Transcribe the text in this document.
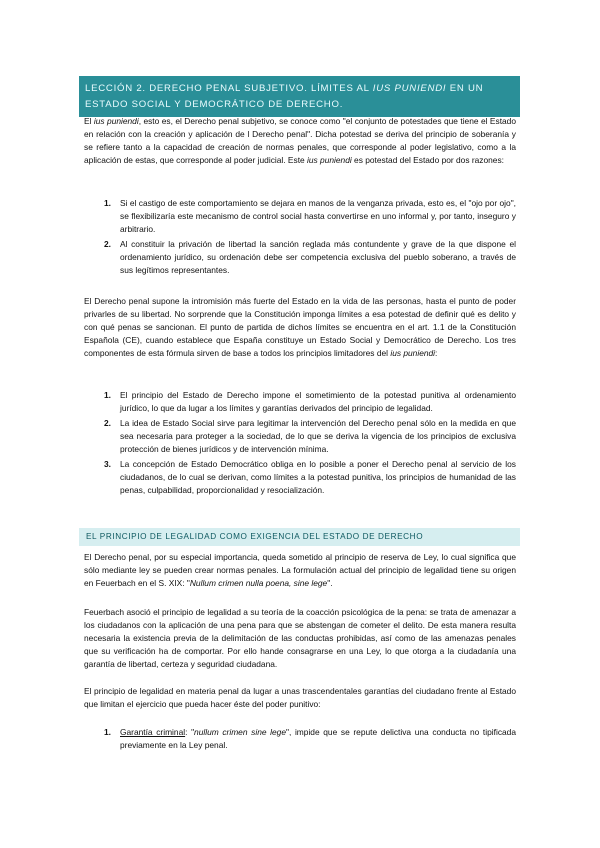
LECCIÓN 2. DERECHO PENAL SUBJETIVO. LÍMITES AL IUS PUNIENDI EN UN ESTADO SOCIAL Y DEMOCRÁTICO DE DERECHO.

El ius puniendi, esto es, el Derecho penal subjetivo, se conoce como "el conjunto de potestades que tiene el Estado en relación con la creación y aplicación de l Derecho penal". Dicha potestad se deriva del principio de soberanía y se refiere tanto a la capacidad de creación de normas penales, que corresponde al poder legislativo, como a la aplicación de estas, que corresponde al poder judicial. Este ius puniendi es potestad del Estado por dos razones:

1. Si el castigo de este comportamiento se dejara en manos de la venganza privada, esto es, el "ojo por ojo", se flexibilizaría este mecanismo de control social hasta convertirse en uno informal y, por tanto, inseguro y arbitrario.
2. Al constituir la privación de libertad la sanción reglada más contundente y grave de la que dispone el ordenamiento jurídico, su ordenación debe ser competencia exclusiva del pueblo soberano, a través de sus legítimos representantes.

El Derecho penal supone la intromisión más fuerte del Estado en la vida de las personas, hasta el punto de poder privarles de su libertad. No sorprende que la Constitución imponga límites a esa potestad de definir qué es delito y con qué penas se sancionan. El punto de partida de dichos límites se encuentra en el art. 1.1 de la Constitución Española (CE), cuando establece que España constituye un Estado Social y Democrático de Derecho. Los tres componentes de esta fórmula sirven de base a todos los principios limitadores del ius puniendi:

1. El principio del Estado de Derecho impone el sometimiento de la potestad punitiva al ordenamiento jurídico, lo que da lugar a los límites y garantías derivados del principio de legalidad.
2. La idea de Estado Social sirve para legitimar la intervención del Derecho penal sólo en la medida en que sea necesaria para proteger a la sociedad, de lo que se deriva la vigencia de los principios de exclusiva protección de bienes jurídicos y de intervención mínima.
3. La concepción de Estado Democrático obliga en lo posible a poner el Derecho penal al servicio de los ciudadanos, de lo cual se derivan, como límites a la potestad punitiva, los principios de humanidad de las penas, culpabilidad, proporcionalidad y resocialización.
EL PRINCIPIO DE LEGALIDAD COMO EXIGENCIA DEL ESTADO DE DERECHO

El Derecho penal, por su especial importancia, queda sometido al principio de reserva de Ley, lo cual significa que sólo mediante ley se pueden crear normas penales. La formulación actual del principio de legalidad tiene su origen en Feuerbach en el S. XIX: "Nullum crimen nulla poena, sine lege".

Feuerbach asoció el principio de legalidad a su teoría de la coacción psicológica de la pena: se trata de amenazar a los ciudadanos con la aplicación de una pena para que se abstengan de cometer el delito. De esta manera resulta necesaria la existencia previa de la delimitación de las conductas prohibidas, así como de las amenazas penales que su verificación ha de comportar. Por ello hande consagrarse en una Ley, lo que otorga a la ciudadanía una garantía de libertad, certeza y seguridad ciudadana.

El principio de legalidad en materia penal da lugar a unas trascendentales garantías del ciudadano frente al Estado que limitan el ejercicio que pueda hacer éste del poder punitivo:

1. Garantía criminal: "nullum crimen sine lege", impide que se repute delictiva una conducta no tipificada previamente en la Ley penal.
